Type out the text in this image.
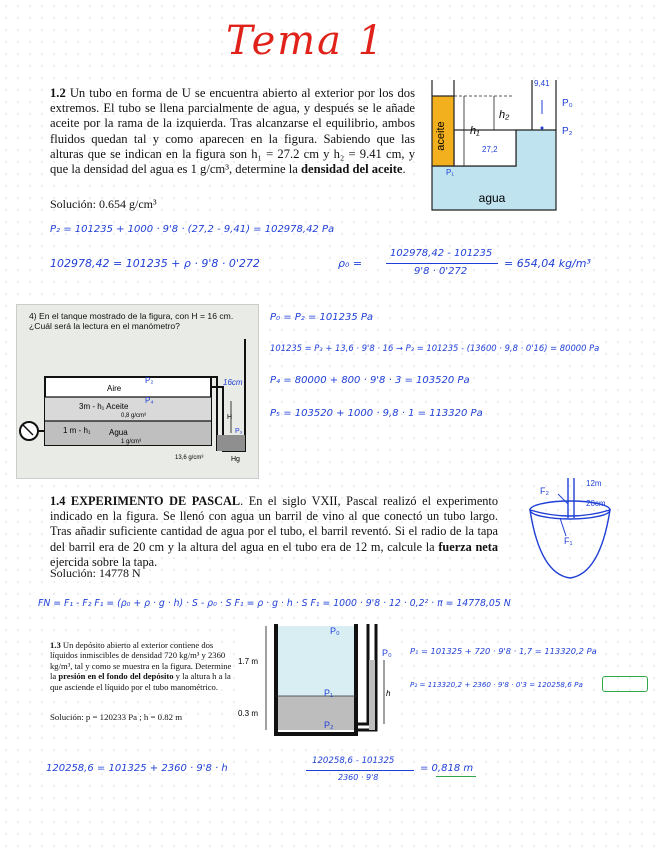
Tema 1
1.2 Un tubo en forma de U se encuentra abierto al exterior por los dos extremos. El tubo se llena parcialmente de agua, y después se le añade aceite por la rama de la izquierda. Tras alcanzarse el equilibrio, ambos fluidos quedan tal y como aparecen en la figura. Sabiendo que las alturas que se indican en la figura son h₁ = 27.2 cm y h₂ = 9.41 cm, y que la densidad del agua es 1 g/cm³, determine la densidad del aceite.
Solución: 0.654 g/cm³
aceite
agua
h₁
h₂
9,41
27,2
P₀
P₂
P₁
P₂ = 101235 + 1000 · 9'8 · (27,2 - 9,41) = 102978,42 Pa
102978,42 = 101235 + ρ · 9'8 · 0'272	ρ₀ =
102978,42 - 101235
9'8 · 0'272
= 654,04 kg/m³
4) En el tanque mostrado de la figura, con H = 16 cm. ¿Cuál será la lectura en el manómetro?
Aire
3m - h₁ Aceite
0,8 g/cm³
1 m - h₁ Agua
1 g/cm³
H
13,6 g/cm³	Hg
16cm
P₂
P₄
P₃
P₀ = P₂ = 101235 Pa
101235 = P₃ + 13,6 · 9'8 · 16 → P₃ = 101235 - (13600 · 9,8 · 0'16) = 80000 Pa
P₄ = 80000 + 800 · 9'8 · 3 = 103520 Pa
P₅ = 103520 + 1000 · 9,8 · 1 = 113320 Pa
1.4 EXPERIMENTO DE PASCAL. En el siglo VXII, Pascal realizó el experimento indicado en la figura. Se llenó con agua un barril de vino al que conectó un tubo largo. Tras añadir suficiente cantidad de agua por el tubo, el barril reventó. Si el radio de la tapa del barril era de 20 cm y la altura del agua en el tubo era de 12 m, calcule la fuerza neta ejercida sobre la tapa.
Solución: 14778 N
F₂
F₁
12m
20cm
FN = F₁ - F₂ F₁ = (ρ₀ + ρ · g · h) · S - ρ₀ · S F₁ = ρ · g · h · S F₁ = 1000 · 9'8 · 12 · 0,2² · π = 14778,05 N
1.3 Un depósito abierto al exterior contiene dos líquidos inmiscibles de densidad 720 kg/m³ y 2360 kg/m³, tal y como se muestra en la figura. Determine la presión en el fondo del depósito y la altura h a la que asciende el líquido por el tubo manométrico.
Solución: p = 120233 Pa ; h = 0.82 m
h
1.7 m
0.3 m
P₀
P₀
P₁
P₂
P₁ = 101325 + 720 · 9'8 · 1,7 = 113320,2 Pa
P₂ = 113320,2 + 2360 · 9'8 · 0'3 = 120258,6 Pa
120258,6 = 101325 + 2360 · 9'8 · h
120258,6 - 101325
2360 · 9'8
= 0,818 m
